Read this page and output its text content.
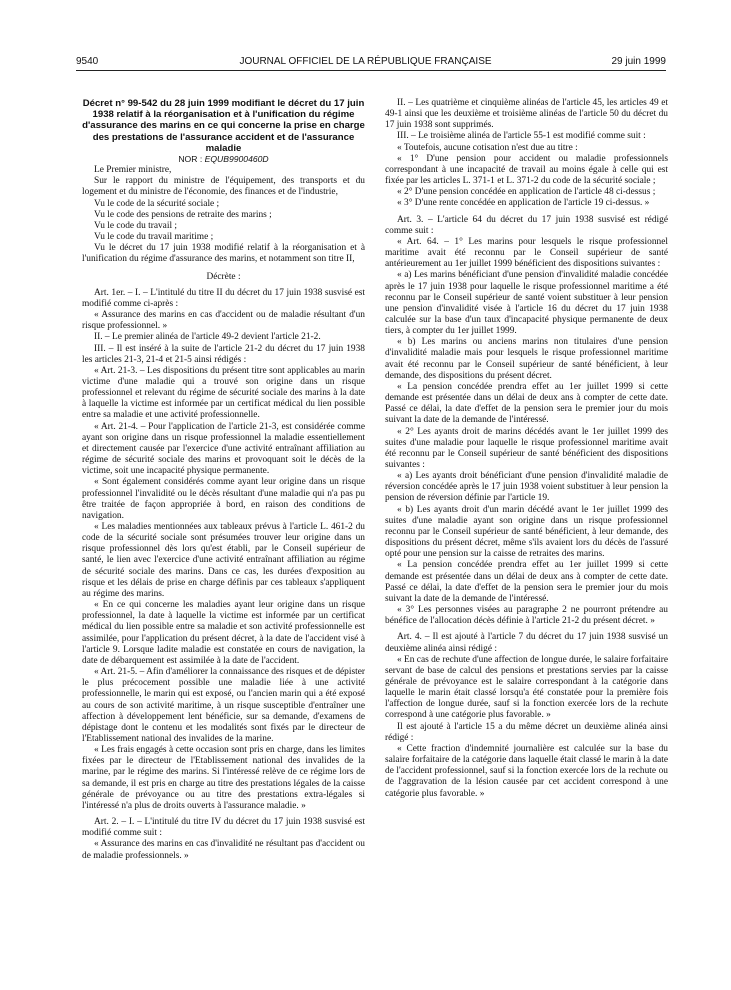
9540	JOURNAL OFFICIEL DE LA RÉPUBLIQUE FRANÇAISE	29 juin 1999

Décret n° 99-542 du 28 juin 1999 modifiant le décret du 17 juin 1938 relatif à la réorganisation et à l'unification du régime d'assurance des marins en ce qui concerne la prise en charge des prestations de l'assurance accident et de l'assurance maladie

NOR : EQUB9900460D

Le Premier ministre,

Sur le rapport du ministre de l'équipement, des transports et du logement et du ministre de l'économie, des finances et de l'industrie,

Vu le code de la sécurité sociale ;

Vu le code des pensions de retraite des marins ;

Vu le code du travail ;

Vu le code du travail maritime ;

Vu le décret du 17 juin 1938 modifié relatif à la réorganisation et à l'unification du régime d'assurance des marins, et notamment son titre II,

Décrète :

Art. 1er. – I. – L'intitulé du titre II du décret du 17 juin 1938 susvisé est modifié comme ci-après :

« Assurance des marins en cas d'accident ou de maladie résultant d'un risque professionnel. »

II. – Le premier alinéa de l'article 49-2 devient l'article 21-2.

III. – Il est inséré à la suite de l'article 21-2 du décret du 17 juin 1938 les articles 21-3, 21-4 et 21-5 ainsi rédigés :

« Art. 21-3. – Les dispositions du présent titre sont applicables au marin victime d'une maladie qui a trouvé son origine dans un risque professionnel et relevant du régime de sécurité sociale des marins à la date à laquelle la victime est informée par un certificat médical du lien possible entre sa maladie et une activité professionnelle.

« Art. 21-4. – Pour l'application de l'article 21-3, est considérée comme ayant son origine dans un risque professionnel la maladie essentiellement et directement causée par l'exercice d'une activité entraînant affiliation au régime de sécurité sociale des marins et provoquant soit le décès de la victime, soit une incapacité physique permanente.

« Sont également considérés comme ayant leur origine dans un risque professionnel l'invalidité ou le décès résultant d'une maladie qui n'a pas pu être traitée de façon appropriée à bord, en raison des conditions de navigation.

« Les maladies mentionnées aux tableaux prévus à l'article L. 461-2 du code de la sécurité sociale sont présumées trouver leur origine dans un risque professionnel dès lors qu'est établi, par le Conseil supérieur de santé, le lien avec l'exercice d'une activité entraînant affiliation au régime de sécurité sociale des marins. Dans ce cas, les durées d'exposition au risque et les délais de prise en charge définis par ces tableaux s'appliquent au régime des marins.

« En ce qui concerne les maladies ayant leur origine dans un risque professionnel, la date à laquelle la victime est informée par un certificat médical du lien possible entre sa maladie et son activité professionnelle est assimilée, pour l'application du présent décret, à la date de l'accident visé à l'article 9. Lorsque ladite maladie est constatée en cours de navigation, la date de débarquement est assimilée à la date de l'accident.

« Art. 21-5. – Afin d'améliorer la connaissance des risques et de dépister le plus précocement possible une maladie liée à une activité professionnelle, le marin qui est exposé, ou l'ancien marin qui a été exposé au cours de son activité maritime, à un risque susceptible d'entraîner une affection à développement lent bénéficie, sur sa demande, d'examens de dépistage dont le contenu et les modalités sont fixés par le directeur de l'Etablissement national des invalides de la marine.

« Les frais engagés à cette occasion sont pris en charge, dans les limites fixées par le directeur de l'Etablissement national des invalides de la marine, par le régime des marins. Si l'intéressé relève de ce régime lors de sa demande, il est pris en charge au titre des prestations légales de la caisse générale de prévoyance ou au titre des prestations extra-légales si l'intéressé n'a plus de droits ouverts à l'assurance maladie. »

Art. 2. – I. – L'intitulé du titre IV du décret du 17 juin 1938 susvisé est modifié comme suit :

« Assurance des marins en cas d'invalidité ne résultant pas d'accident ou de maladie professionnels. »

II. – Les quatrième et cinquième alinéas de l'article 45, les articles 49 et 49-1 ainsi que les deuxième et troisième alinéas de l'article 50 du décret du 17 juin 1938 sont supprimés.

III. – Le troisième alinéa de l'article 55-1 est modifié comme suit :

« Toutefois, aucune cotisation n'est due au titre :

« 1° D'une pension pour accident ou maladie professionnels correspondant à une incapacité de travail au moins égale à celle qui est fixée par les articles L. 371-1 et L. 371-2 du code de la sécurité sociale ;

« 2° D'une pension concédée en application de l'article 48 ci-dessus ;

« 3° D'une rente concédée en application de l'article 19 ci-dessus. »

Art. 3. – L'article 64 du décret du 17 juin 1938 susvisé est rédigé comme suit :

« Art. 64. – 1° Les marins pour lesquels le risque professionnel maritime avait été reconnu par le Conseil supérieur de santé antérieurement au 1er juillet 1999 bénéficient des dispositions suivantes :

« a) Les marins bénéficiant d'une pension d'invalidité maladie concédée après le 17 juin 1938 pour laquelle le risque professionnel maritime a été reconnu par le Conseil supérieur de santé voient substituer à leur pension une pension d'invalidité visée à l'article 16 du décret du 17 juin 1938 calculée sur la base d'un taux d'incapacité physique permanente de deux tiers, à compter du 1er juillet 1999.

« b) Les marins ou anciens marins non titulaires d'une pension d'invalidité maladie mais pour lesquels le risque professionnel maritime avait été reconnu par le Conseil supérieur de santé bénéficient, à leur demande, des dispositions du présent décret.

« La pension concédée prendra effet au 1er juillet 1999 si cette demande est présentée dans un délai de deux ans à compter de cette date. Passé ce délai, la date d'effet de la pension sera le premier jour du mois suivant la date de la demande de l'intéressé.

« 2° Les ayants droit de marins décédés avant le 1er juillet 1999 des suites d'une maladie pour laquelle le risque professionnel maritime avait été reconnu par le Conseil supérieur de santé bénéficient des dispositions suivantes :

« a) Les ayants droit bénéficiant d'une pension d'invalidité maladie de réversion concédée après le 17 juin 1938 voient substituer à leur pension la pension de réversion définie par l'article 19.

« b) Les ayants droit d'un marin décédé avant le 1er juillet 1999 des suites d'une maladie ayant son origine dans un risque professionnel reconnu par le Conseil supérieur de santé bénéficient, à leur demande, des dispositions du présent décret, même s'ils avaient lors du décès de l'assuré opté pour une pension sur la caisse de retraites des marins.

« La pension concédée prendra effet au 1er juillet 1999 si cette demande est présentée dans un délai de deux ans à compter de cette date. Passé ce délai, la date d'effet de la pension sera le premier jour du mois suivant la date de la demande de l'intéressé.

« 3° Les personnes visées au paragraphe 2 ne pourront prétendre au bénéfice de l'allocation décès définie à l'article 21-2 du présent décret. »

Art. 4. – Il est ajouté à l'article 7 du décret du 17 juin 1938 susvisé un deuxième alinéa ainsi rédigé :

« En cas de rechute d'une affection de longue durée, le salaire forfaitaire servant de base de calcul des pensions et prestations servies par la caisse générale de prévoyance est le salaire correspondant à la catégorie dans laquelle le marin était classé lorsqu'a été constatée pour la première fois l'affection de longue durée, sauf si la fonction exercée lors de la rechute correspond à une catégorie plus favorable. »

Il est ajouté à l'article 15 a du même décret un deuxième alinéa ainsi rédigé :

« Cette fraction d'indemnité journalière est calculée sur la base du salaire forfaitaire de la catégorie dans laquelle était classé le marin à la date de l'accident professionnel, sauf si la fonction exercée lors de la rechute ou de l'aggravation de la lésion causée par cet accident correspond à une catégorie plus favorable. »
